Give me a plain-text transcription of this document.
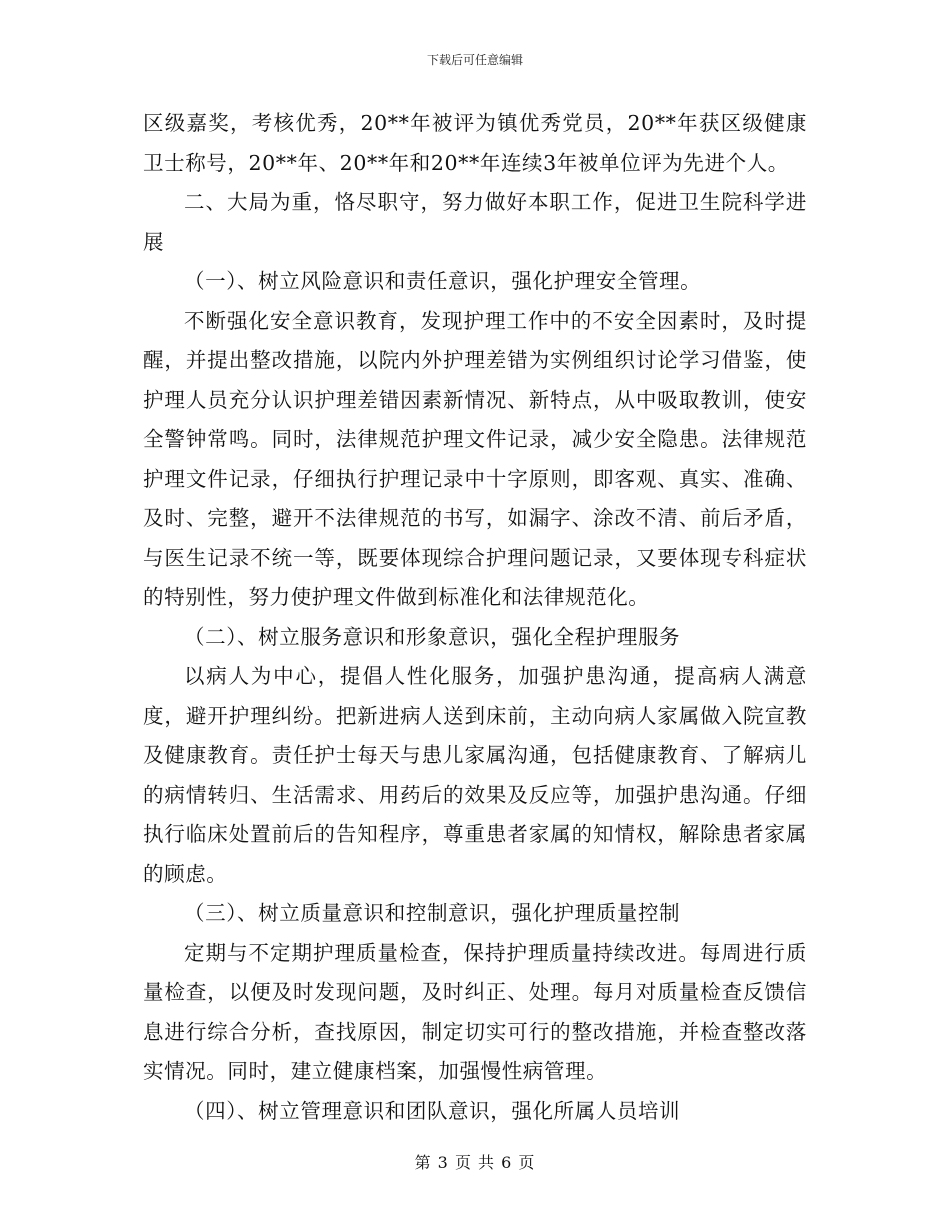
下载后可任意编辑

区级嘉奖，考核优秀，20**年被评为镇优秀党员，20**年获区级健康卫士称号，20**年、20**年和20**年连续3年被单位评为先进个人。

二、大局为重，恪尽职守，努力做好本职工作，促进卫生院科学进展

（一）、树立风险意识和责任意识，强化护理安全管理。

不断强化安全意识教育，发现护理工作中的不安全因素时，及时提醒，并提出整改措施，以院内外护理差错为实例组织讨论学习借鉴，使护理人员充分认识护理差错因素新情况、新特点，从中吸取教训，使安全警钟常鸣。同时，法律规范护理文件记录，减少安全隐患。法律规范护理文件记录，仔细执行护理记录中十字原则，即客观、真实、准确、及时、完整，避开不法律规范的书写，如漏字、涂改不清、前后矛盾，与医生记录不统一等，既要体现综合护理问题记录，又要体现专科症状的特别性，努力使护理文件做到标准化和法律规范化。

（二）、树立服务意识和形象意识，强化全程护理服务

以病人为中心，提倡人性化服务，加强护患沟通，提高病人满意度，避开护理纠纷。把新进病人送到床前，主动向病人家属做入院宣教及健康教育。责任护士每天与患儿家属沟通，包括健康教育、了解病儿的病情转归、生活需求、用药后的效果及反应等，加强护患沟通。仔细执行临床处置前后的告知程序，尊重患者家属的知情权，解除患者家属的顾虑。

（三）、树立质量意识和控制意识，强化护理质量控制

定期与不定期护理质量检查，保持护理质量持续改进。每周进行质量检查，以便及时发现问题，及时纠正、处理。每月对质量检查反馈信息进行综合分析，查找原因，制定切实可行的整改措施，并检查整改落实情况。同时，建立健康档案，加强慢性病管理。

（四）、树立管理意识和团队意识，强化所属人员培训

第 3 页 共 6 页
